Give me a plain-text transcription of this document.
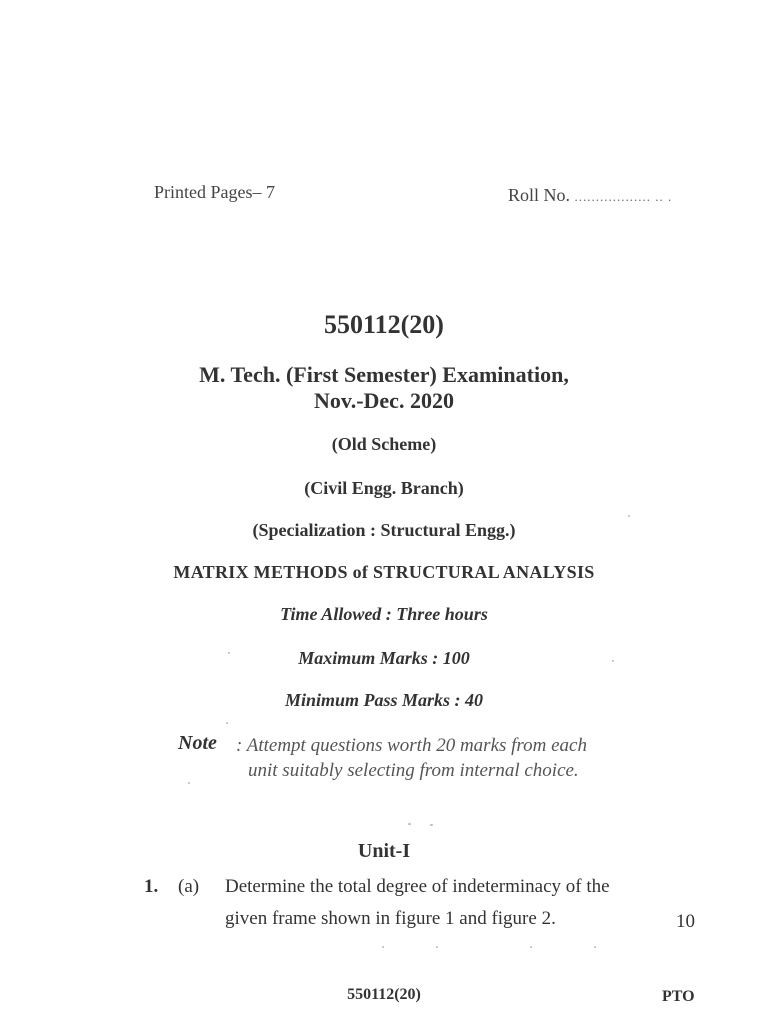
Printed Pages– 7	Roll No. .................. .. .
550112(20)
M. Tech. (First Semester) Examination,
Nov.-Dec. 2020
(Old Scheme)
(Civil Engg. Branch)
(Specialization : Structural Engg.)
MATRIX METHODS of STRUCTURAL ANALYSIS
Time Allowed : Three hours
Maximum Marks : 100
Minimum Pass Marks : 40
Note : Attempt questions worth 20 marks from each
unit suitably selecting from internal choice.
Unit-I
1. (a) Determine the total degree of indeterminacy of the
given frame shown in figure 1 and figure 2.	10
550112(20)	PTO
